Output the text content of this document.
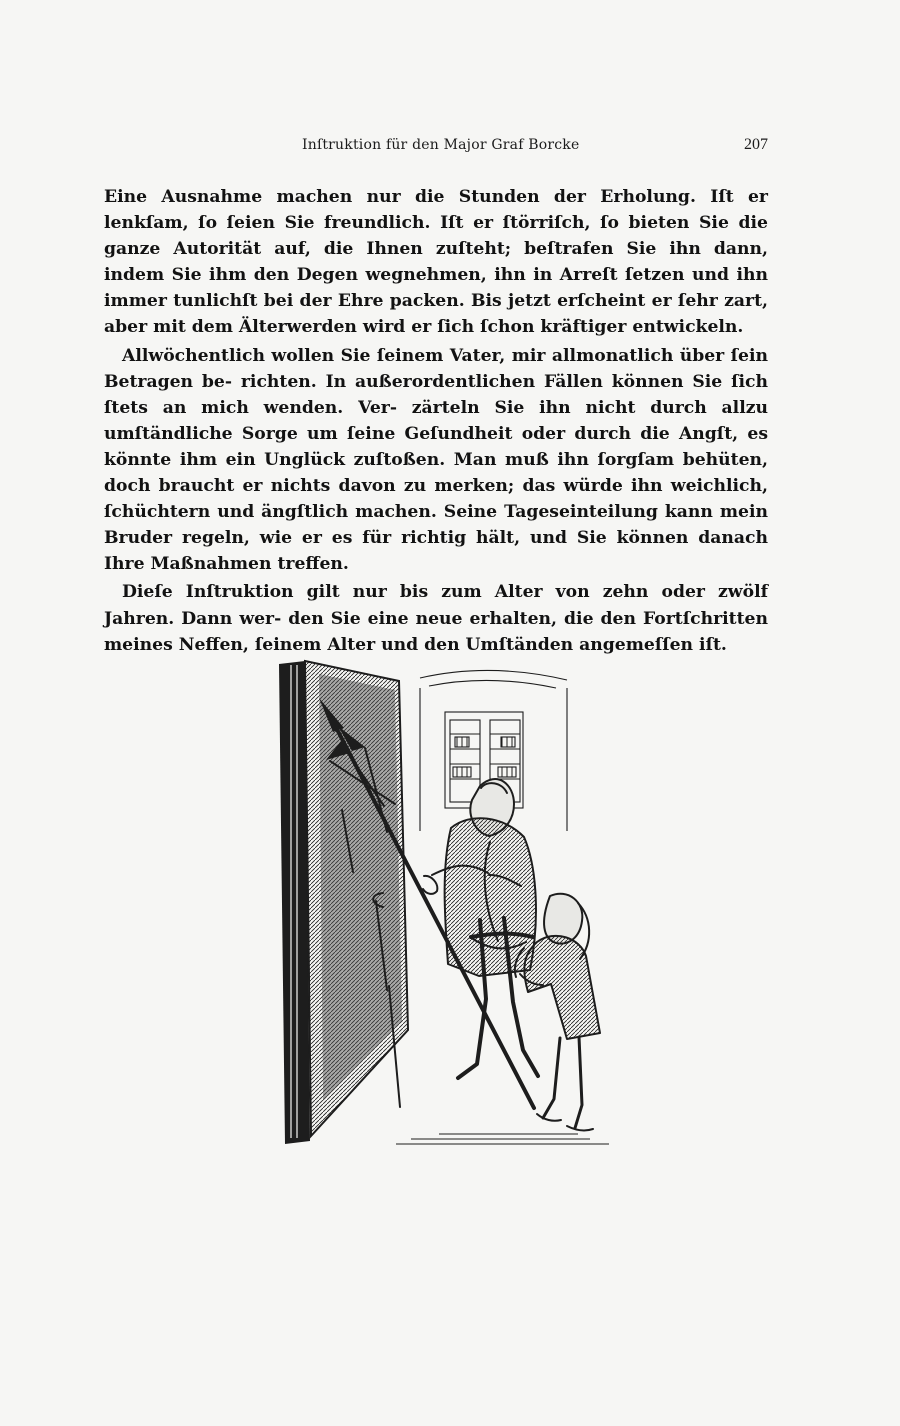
Inſtruktion für den Major Graf Borcke	207

Eine Ausnahme machen nur die Stunden der Erholung. Iſt er lenkſam, ſo ſeien Sie freundlich. Iſt er ſtörriſch, ſo bieten Sie die ganze Autorität auf, die Ihnen zuſteht; beſtrafen Sie ihn dann, indem Sie ihm den Degen wegnehmen, ihn in Arreſt ſetzen und ihn immer tunlichſt bei der Ehre packen. Bis jetzt erſcheint er ſehr zart, aber mit dem Älterwerden wird er ſich ſchon kräftiger entwickeln.

Allwöchentlich wollen Sie ſeinem Vater, mir allmonatlich über ſein Betragen be- richten. In außerordentlichen Fällen können Sie ſich ſtets an mich wenden. Ver- zärteln Sie ihn nicht durch allzu umſtändliche Sorge um ſeine Geſundheit oder durch die Angſt, es könnte ihm ein Unglück zuſtoßen. Man muß ihn ſorgſam behüten, doch braucht er nichts davon zu merken; das würde ihn weichlich, ſchüchtern und ängſtlich machen. Seine Tageseinteilung kann mein Bruder regeln, wie er es für richtig hält, und Sie können danach Ihre Maßnahmen treffen.

Dieſe Inſtruktion gilt nur bis zum Alter von zehn oder zwölf Jahren. Dann wer- den Sie eine neue erhalten, die den Fortſchritten meines Neffen, ſeinem Alter und den Umſtänden angemeſſen iſt.
